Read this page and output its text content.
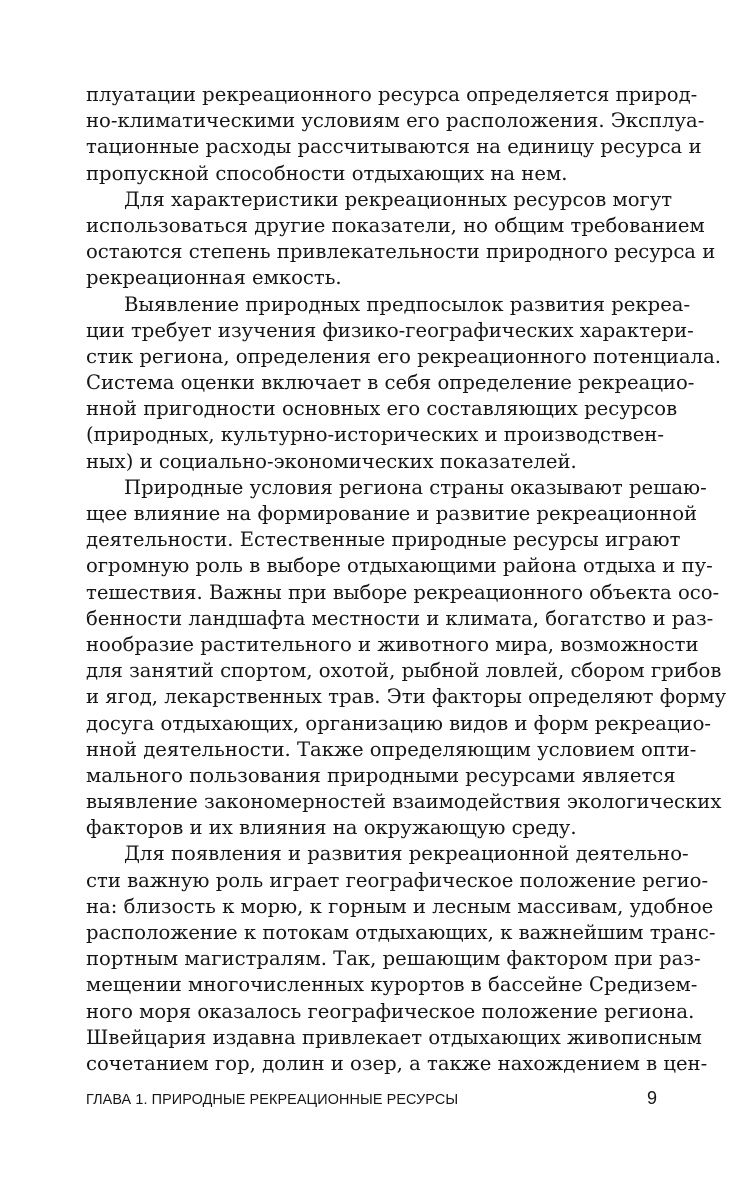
плуатации рекреационного ресурса определяется природ-
но-климатическими условиям его расположения. Эксплуа-
тационные расходы рассчитываются на единицу ресурса и
пропускной способности отдыхающих на нем.
Для характеристики рекреационных ресурсов могут
использоваться другие показатели, но общим требованием
остаются степень привлекательности природного ресурса и
рекреационная емкость.
Выявление природных предпосылок развития рекреа-
ции требует изучения физико-географических характери-
стик региона, определения его рекреационного потенциала.
Система оценки включает в себя определение рекреацио-
нной пригодности основных его составляющих ресурсов
(природных, культурно-исторических и производствен-
ных) и социально-экономических показателей.
Природные условия региона страны оказывают решаю-
щее влияние на формирование и развитие рекреационной
деятельности. Естественные природные ресурсы играют
огромную роль в выборе отдыхающими района отдыха и пу-
тешествия. Важны при выборе рекреационного объекта осо-
бенности ландшафта местности и климата, богатство и раз-
нообразие растительного и животного мира, возможности
для занятий спортом, охотой, рыбной ловлей, сбором грибов
и ягод, лекарственных трав. Эти факторы определяют форму
досуга отдыхающих, организацию видов и форм рекреацио-
нной деятельности. Также определяющим условием опти-
мального пользования природными ресурсами является
выявление закономерностей взаимодействия экологических
факторов и их влияния на окружающую среду.
Для появления и развития рекреационной деятельно-
сти важную роль играет географическое положение регио-
на: близость к морю, к горным и лесным массивам, удобное
расположение к потокам отдыхающих, к важнейшим транс-
портным магистралям. Так, решающим фактором при раз-
мещении многочисленных курортов в бассейне Средизем-
ного моря оказалось географическое положение региона.
Швейцария издавна привлекает отдыхающих живописным
сочетанием гор, долин и озер, а также нахождением в цен-
ГЛАВА 1. ПРИРОДНЫЕ РЕКРЕАЦИОННЫЕ РЕСУРСЫ	9
